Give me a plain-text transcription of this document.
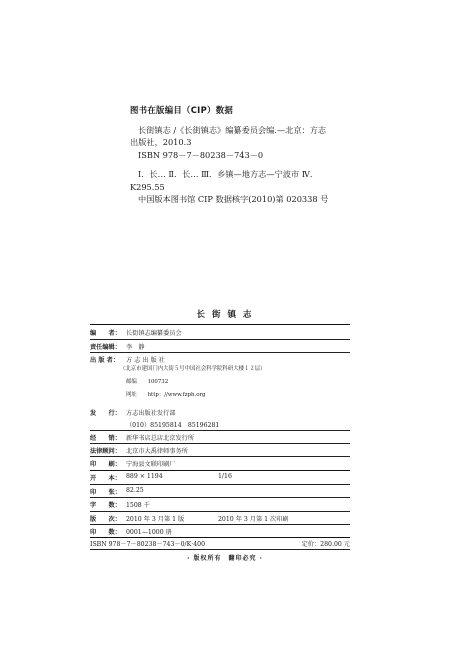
图书在版编目（CIP）数据

长街镇志 /《长街镇志》编纂委员会编.—北京：方志

出版社，2010.3

ISBN 978－7－80238－743－0

Ⅰ．长… Ⅱ．长… Ⅲ．乡镇—地方志—宁波市 Ⅳ．

K295.55

中国版本图书馆 CIP 数据核字(2010)第 020338 号

长 街 镇 志
编　　者： 长街镇志编纂委员会
责任编辑： 李　静
出 版 者： 方 志 出 版 社
（北京市建国门内大街５号中国社会科学院科研大楼１２层）
邮编　　100732
网址　　http：//www.fzph.org
发　　行： 方志出版社发行部
（010）85195814　85196281
经　　销： 新华书店总店北京发行所
法律顾问： 北京市大禹律师事务所
印　　刷： 宁海县文联印刷厂
开　　本： 889 × 1194	1/16
印　　张： 82.25
字　　数： 1508 千
版　　次： 2010 年 3 月第 1 版	2010 年 3 月第 1 次印刷
印　　数： 0001—1000 册
ISBN 978－7－80238－743－0/K·400	定价：280.00 元
· 版权所有　翻印必究 ·
